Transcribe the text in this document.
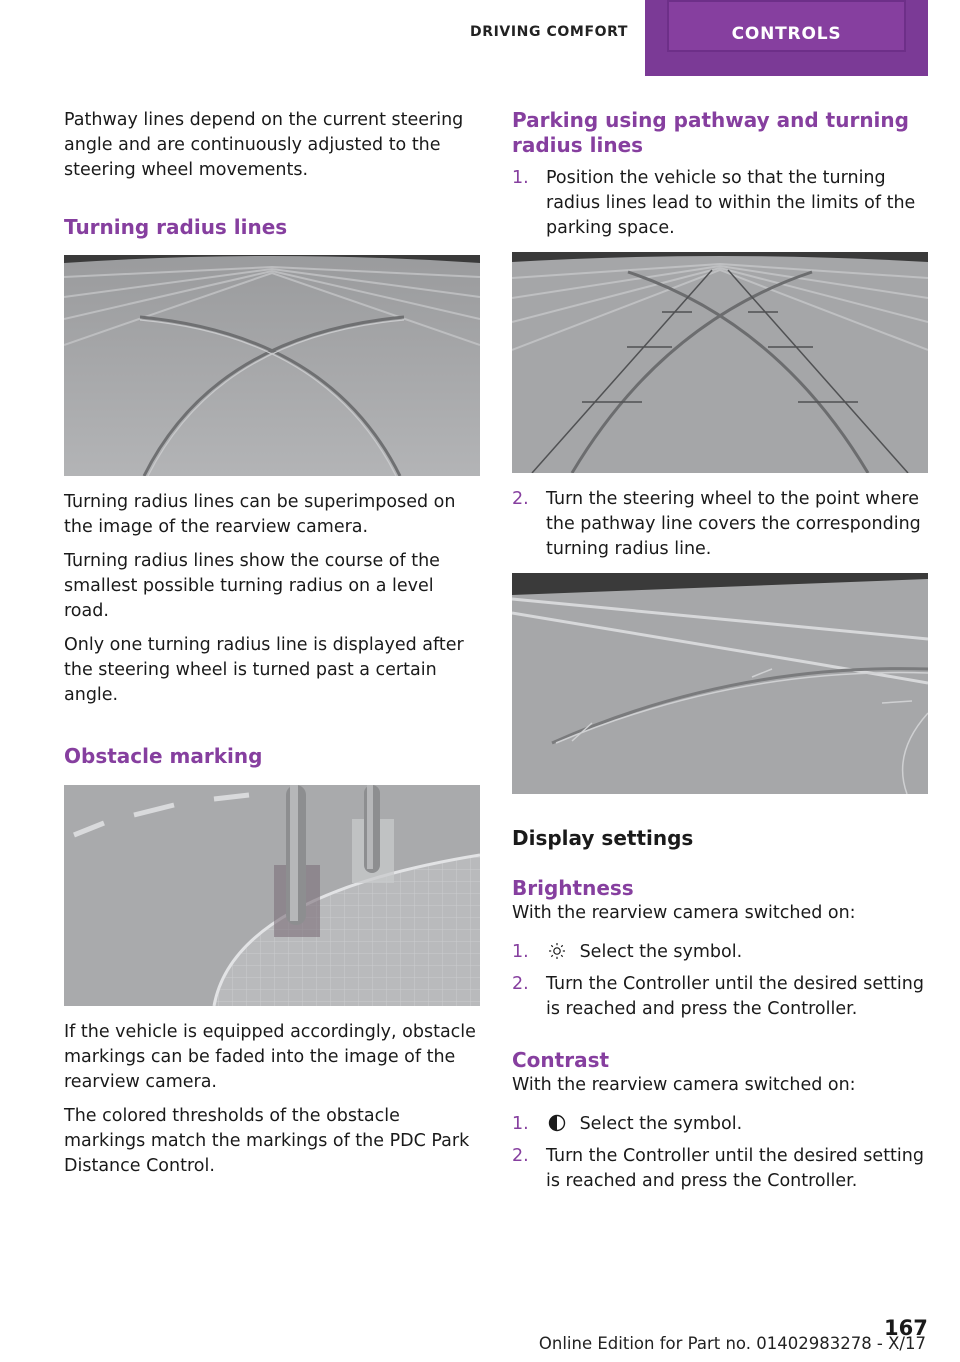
DRIVING COMFORT	CONTROLS

Pathway lines depend on the current steering angle and are continuously adjusted to the steering wheel movements.

Turning radius lines

Turning radius lines can be superimposed on the image of the rearview camera.

Turning radius lines show the course of the smallest possible turning radius on a level road.

Only one turning radius line is displayed after the steering wheel is turned past a certain angle.

Obstacle marking

If the vehicle is equipped accordingly, obstacle markings can be faded into the image of the rearview camera.

The colored thresholds of the obstacle markings match the markings of the PDC Park Distance Control.

Parking using pathway and turning radius lines
1. Position the vehicle so that the turning radius lines lead to within the limits of the parking space.
2. Turn the steering wheel to the point where the pathway line covers the corresponding turning radius line.
Display settings
Brightness

With the rearview camera switched on:

1.	Select the symbol.
2. Turn the Controller until the desired setting is reached and press the Controller.
Contrast

With the rearview camera switched on:

1.	Select the symbol.
2. Turn the Controller until the desired setting is reached and press the Controller.
167
Online Edition for Part no. 01402983278 - X/17
